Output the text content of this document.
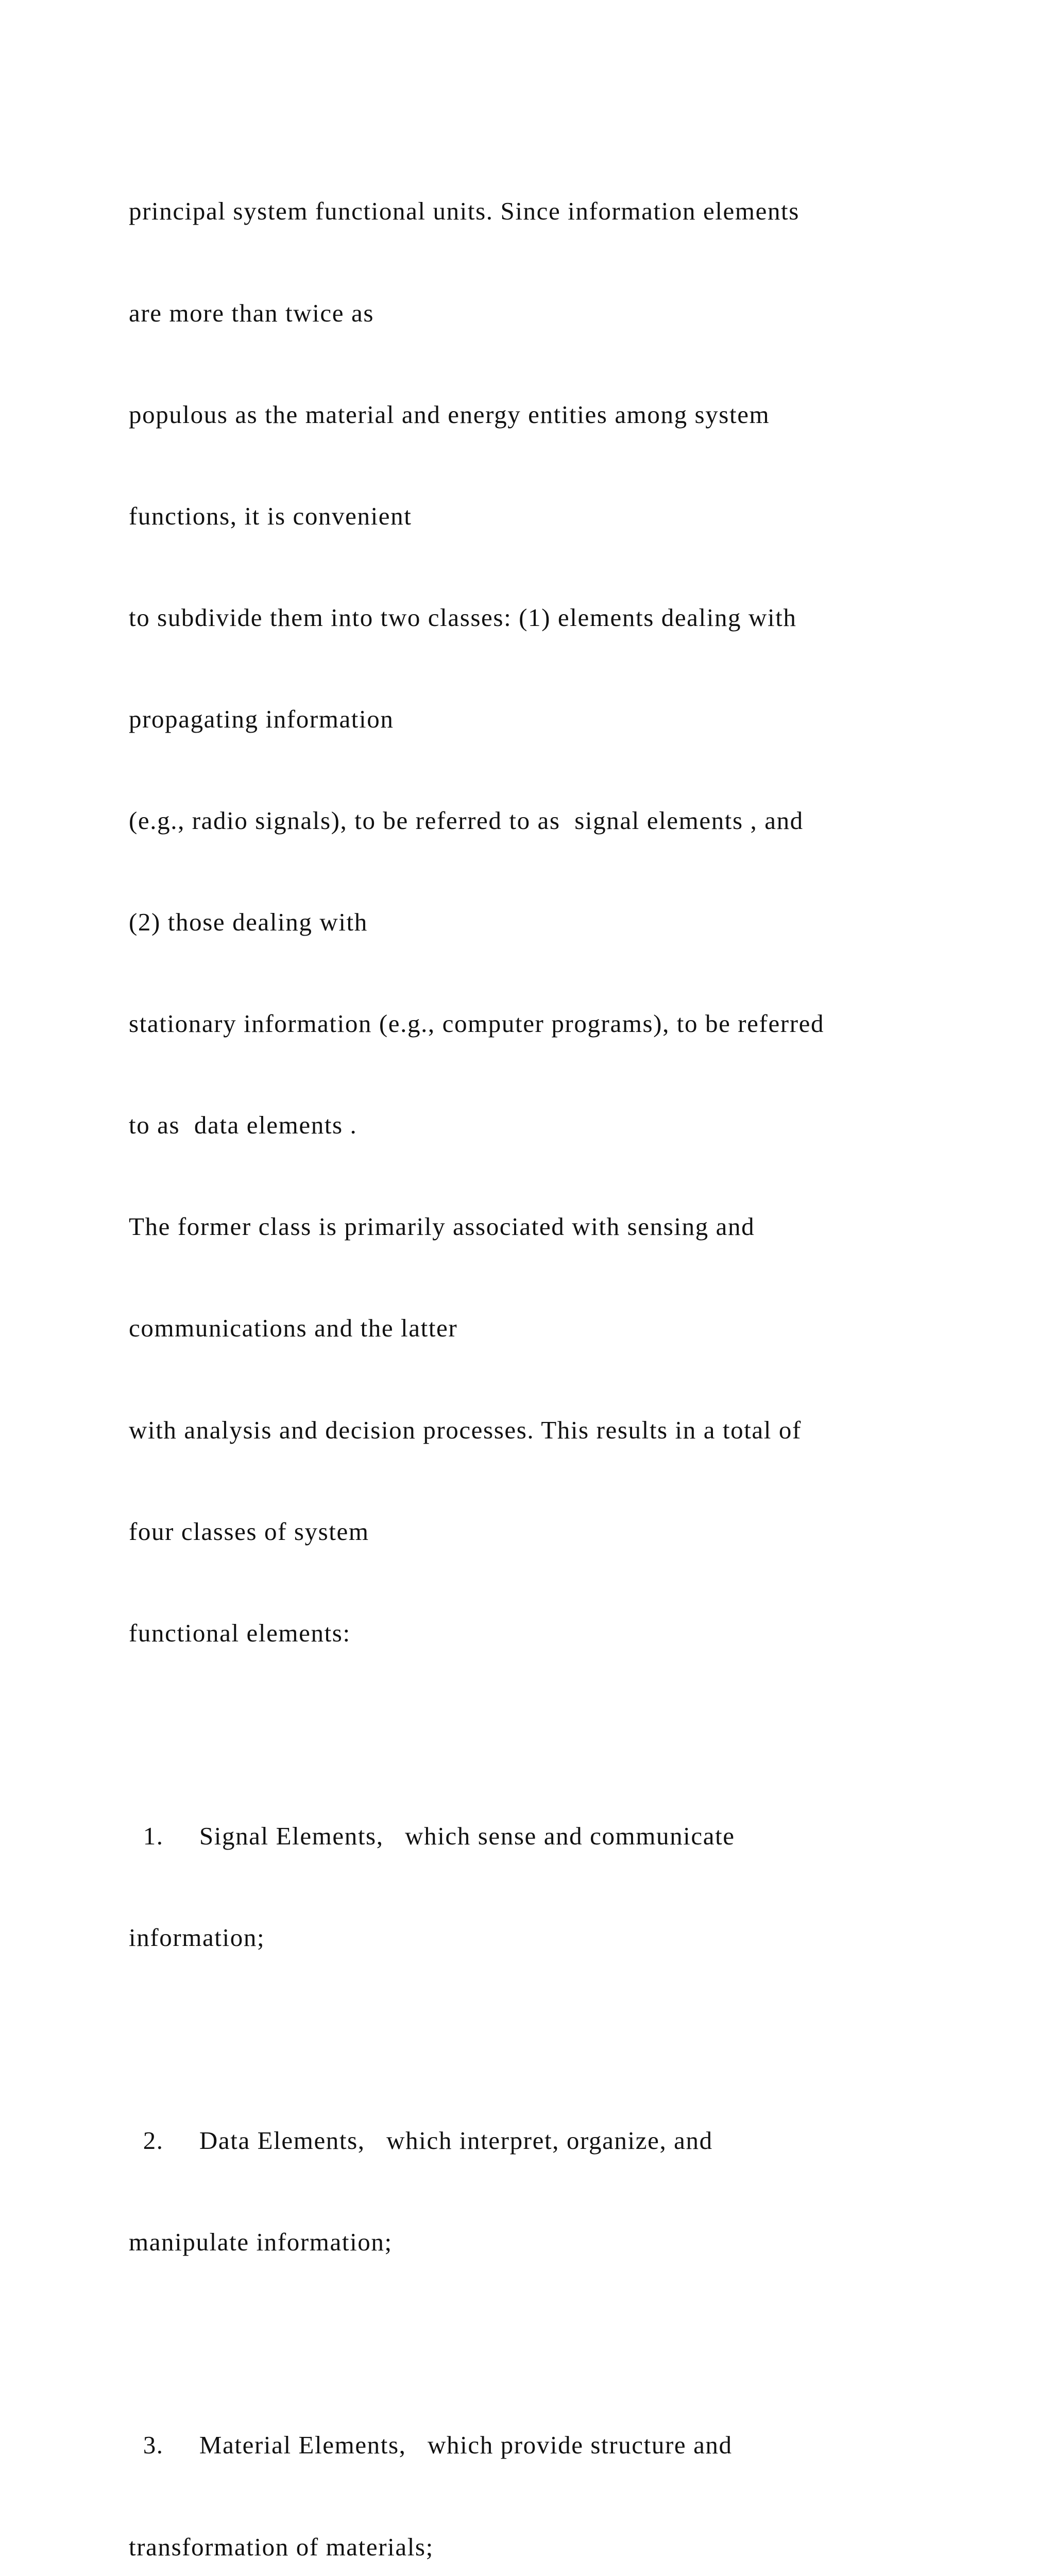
principal system functional units. Since information elements

are more than twice as

populous as the material and energy entities among system

functions, it is convenient

to subdivide them into two classes: (1) elements dealing with

propagating information

(e.g., radio signals), to be referred to as  signal elements , and

(2) those dealing with

stationary information (e.g., computer programs), to be referred

to as  data elements .

The former class is primarily associated with sensing and

communications and the latter

with analysis and decision processes. This results in a total of

four classes of system

functional elements:

1.     Signal Elements,   which sense and communicate

information;

2.     Data Elements,   which interpret, organize, and

manipulate information;

3.     Material Elements,   which provide structure and

transformation of materials;
